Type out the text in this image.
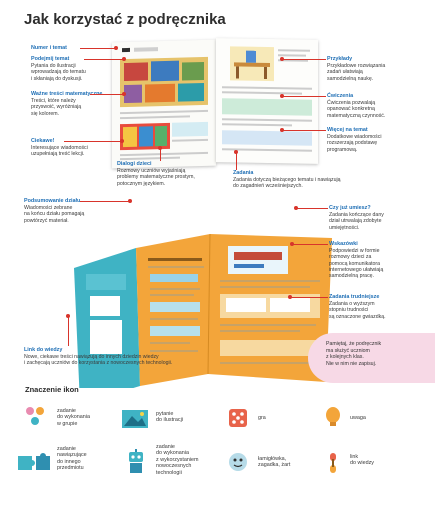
Jak korzystać z podręcznika
Numer i temat
Podejmij temat
Pytania do ilustracji
wprowadzają do tematu
i skłaniają do dyskusji.
Ważne treści matematyczne
Treści, które należy
przyswoić, wyróżniają
się kolorem.
Ciekawe!
Interesujące wiadomości
uzupełniają treść lekcji.
Dialogi dzieci
Rozmowy uczniów wyjaśniają
problemy matematyczne prostym,
potocznym językiem.
Zadania
Zadania dotyczą bieżącego tematu i nawiązują
do zagadnień wcześniejszych.
Przykłady
Przykładowe rozwiązania
zadań ułatwiają
samodzielną naukę.
Ćwiczenia
Ćwiczenia pozwalają
opanować konkretną
matematyczną czynność.
Więcej na temat
Dodatkowe wiadomości
rozszerzają podstawę
programową.
Podsumowanie działu
Wiadomości zebrane
na końcu działu pomagają
powtórzyć materiał.
Czy już umiesz?
Zadania kończące dany
dział utrwalają zdobyte
umiejętności.
Wskazówki
Podpowiedzi w formie
rozmowy dzieci za
pomocą komunikatora
internetowego ułatwiają
samodzielną pracę.
Zadania trudniejsze
Zadania o wyższym
stopniu trudności
są oznaczone gwiazdką.
Link do wiedzy
Nowe, ciekawe treści nawiązują do innych dziedzin wiedzy
i zachęcają uczniów do korzystania z nowoczesnych technologii.
Pamiętaj, że podręcznik
ma służyć uczniom
z kolejnych klas.
Nie w nim nie zapisuj.
Znaczenie ikon
zadanie
do wykonania
w grupie
pytanie
do ilustracji	gra	uwaga
zadanie
nawiązujące
do innego
przedmiotu
zadanie
do wykonania
z wykorzystaniem
nowoczesnych
technologii
łamigłówka,
zagadka, żart
link
do wiedzy
